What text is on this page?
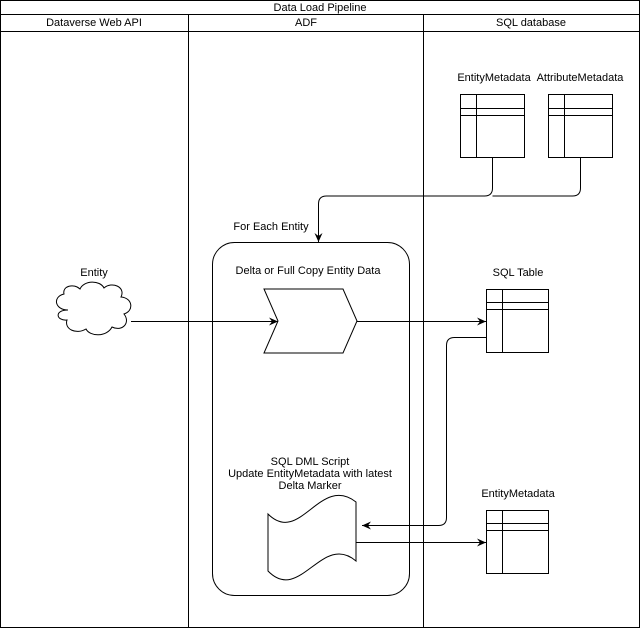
Data Load Pipeline
Dataverse Web API	ADF	SQL database
Entity
For Each Entity
Delta or Full Copy Entity Data
SQL DML Script
Update EntityMetadata with latest
Delta Marker
EntityMetadata AttributeMetadata
SQL Table
EntityMetadata
